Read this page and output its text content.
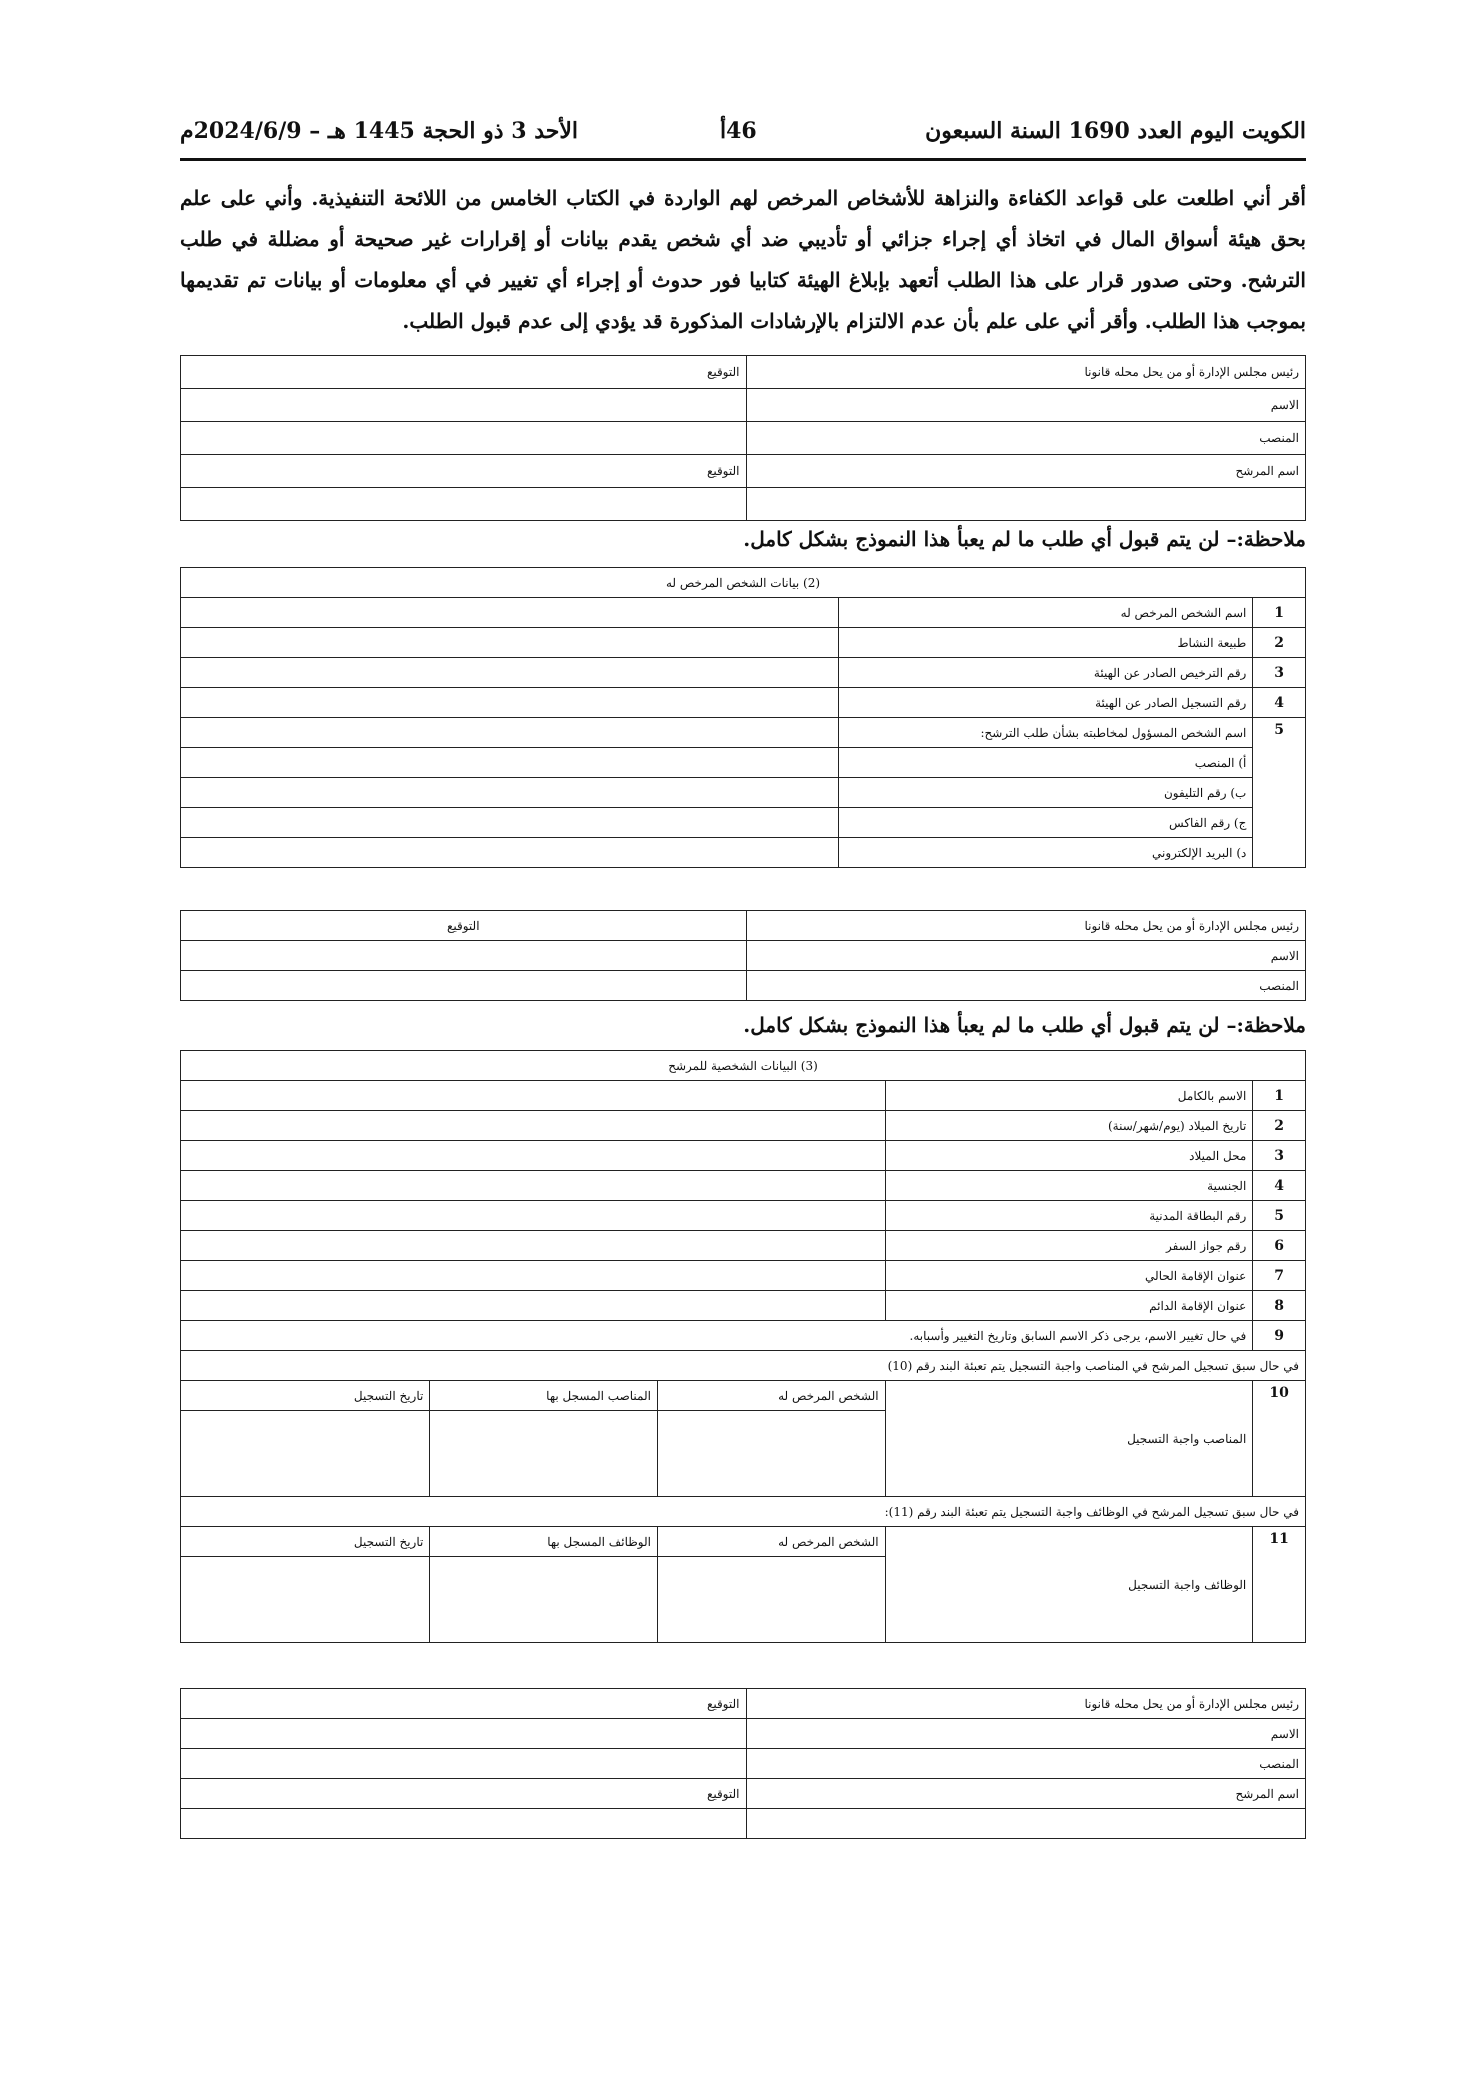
الكويت اليوم العدد 1690 السنة السبعون
46أ
الأحد 3 ذو الحجة 1445 هـ – 2024/6/9م
أقر أني اطلعت على قواعد الكفاءة والنزاهة للأشخاص المرخص لهم الواردة في الكتاب الخامس من اللائحة التنفيذية. وأني على علم بحق هيئة أسواق المال في اتخاذ أي إجراء جزائي أو تأديبي ضد أي شخص يقدم بيانات أو إقرارات غير صحيحة أو مضللة في طلب الترشح. وحتى صدور قرار على هذا الطلب أتعهد بإبلاغ الهيئة كتابيا فور حدوث أو إجراء أي تغيير في أي معلومات أو بيانات تم تقديمها بموجب هذا الطلب. وأقر أني على علم بأن عدم الالتزام بالإرشادات المذكورة قد يؤدي إلى عدم قبول الطلب.
رئيس مجلس الإدارة أو من يحل محله قانونا	التوقيع
الاسم	
المنصب	
اسم المرشح	التوقيع

ملاحظة:– لن يتم قبول أي طلب ما لم يعبأ هذا النموذج بشكل كامل.
(2) بيانات الشخص المرخص له		
1	اسم الشخص المرخص له	
2	طبيعة النشاط	
3	رقم الترخيص الصادر عن الهيئة	
4	رقم التسجيل الصادر عن الهيئة	
5	اسم الشخص المسؤول لمخاطبته بشأن طلب الترشح:	
	أ) المنصب	
	ب) رقم التليفون	
	ج) رقم الفاكس	
	د) البريد الإلكتروني	
رئيس مجلس الإدارة أو من يحل محله قانونا	التوقيع
الاسم	
المنصب	
ملاحظة:– لن يتم قبول أي طلب ما لم يعبأ هذا النموذج بشكل كامل.
(3) البيانات الشخصية للمرشح				
1	الاسم بالكامل			
2	تاريخ الميلاد (يوم/شهر/سنة)			
3	محل الميلاد			
4	الجنسية			
5	رقم البطاقة المدنية			
6	رقم جواز السفر			
7	عنوان الإقامة الحالي			
8	عنوان الإقامة الدائم			
9	في حال تغيير الاسم، يرجى ذكر الاسم السابق وتاريخ التغيير وأسبابه.			
في حال سبق تسجيل المرشح في المناصب واجبة التسجيل يتم تعبئة البند رقم (10)				
10	المناصب واجبة التسجيل	الشخص المرخص له	المناصب المسجل بها	تاريخ التسجيل

في حال سبق تسجيل المرشح في الوظائف واجبة التسجيل يتم تعبئة البند رقم (11):				
11	الوظائف واجبة التسجيل	الشخص المرخص له	الوظائف المسجل بها	تاريخ التسجيل

رئيس مجلس الإدارة أو من يحل محله قانونا	التوقيع
الاسم	
المنصب	
اسم المرشح	التوقيع
